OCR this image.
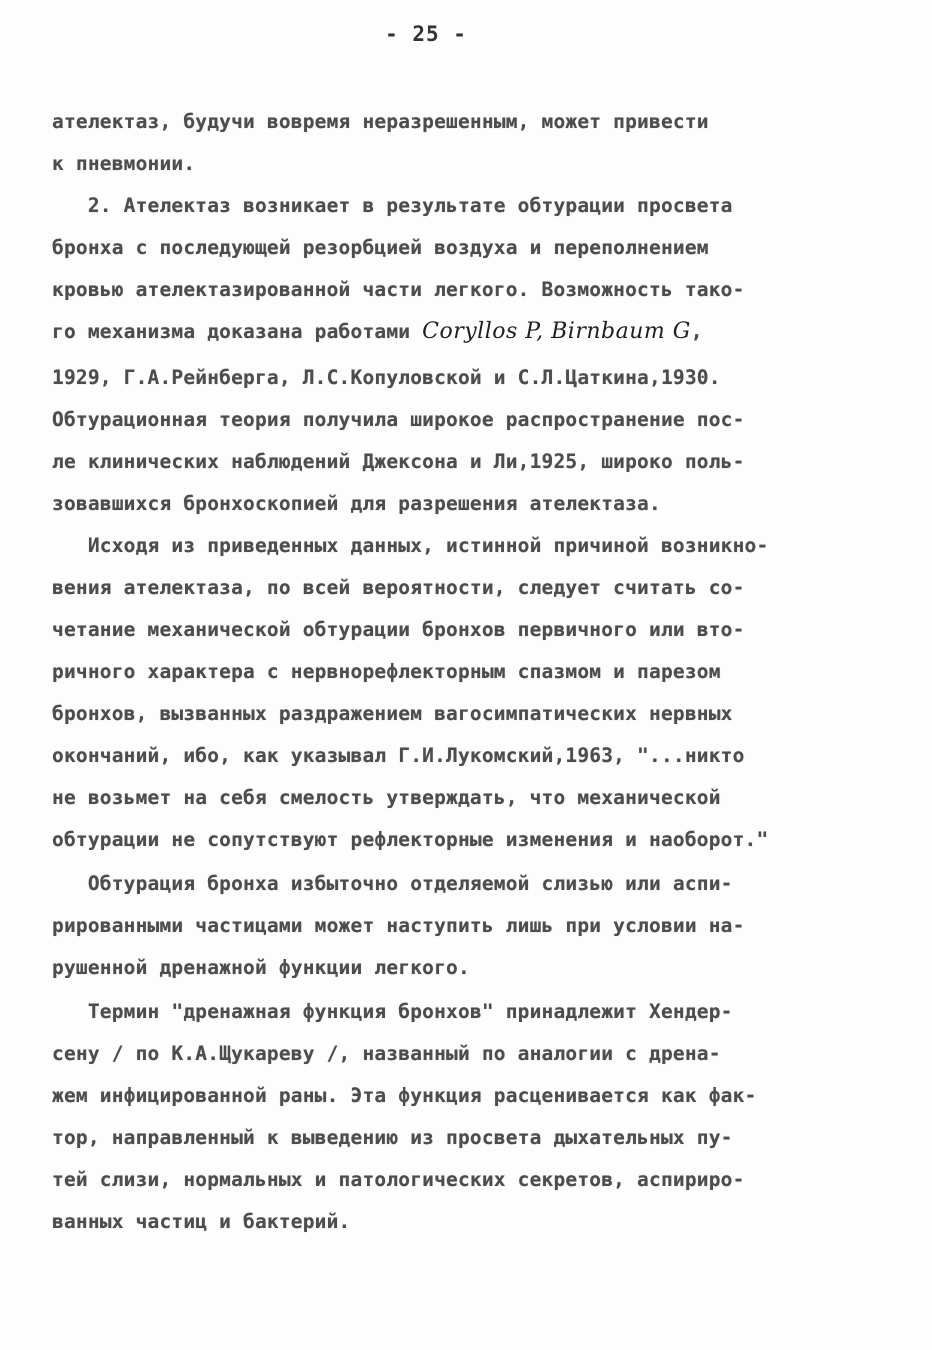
- 25 -
ателектаз, будучи вовремя неразрешенным, может привести
к пневмонии.
2. Ателектаз возникает в результате обтурации просвета
бронха с последующей резорбцией воздуха и переполнением
кровью ателектазированной части легкого. Возможность тако-
го механизма доказана работами Coryllos P, Birnbaum G,
1929, Г.А.Рейнберга, Л.С.Копуловской и С.Л.Цаткина,1930.
Обтурационная теория получила широкое распространение пос-
ле клинических наблюдений Джексона и Ли,1925, широко поль-
зовавшихся бронхоскопией для разрешения ателектаза.
Исходя из приведенных данных, истинной причиной возникно-
вения ателектаза, по всей вероятности, следует считать со-
четание механической обтурации бронхов первичного или вто-
ричного характера с нервнорефлекторным спазмом и парезом
бронхов, вызванных раздражением вагосимпатических нервных
окончаний, ибо, как указывал Г.И.Лукомский,1963, "...никто
не возьмет на себя смелость утверждать, что механической
обтурации не сопутствуют рефлекторные изменения и наоборот."
Обтурация бронха избыточно отделяемой слизью или аспи-
рированными частицами может наступить лишь при условии на-
рушенной дренажной функции легкого.
Термин "дренажная функция бронхов" принадлежит Хендер-
сену / по К.А.Щукареву /, названный по аналогии с дрена-
жем инфицированной раны. Эта функция расценивается как фак-
тор, направленный к выведению из просвета дыхательных пу-
тей слизи, нормальных и патологических секретов, аспириро-
ванных частиц и бактерий.
